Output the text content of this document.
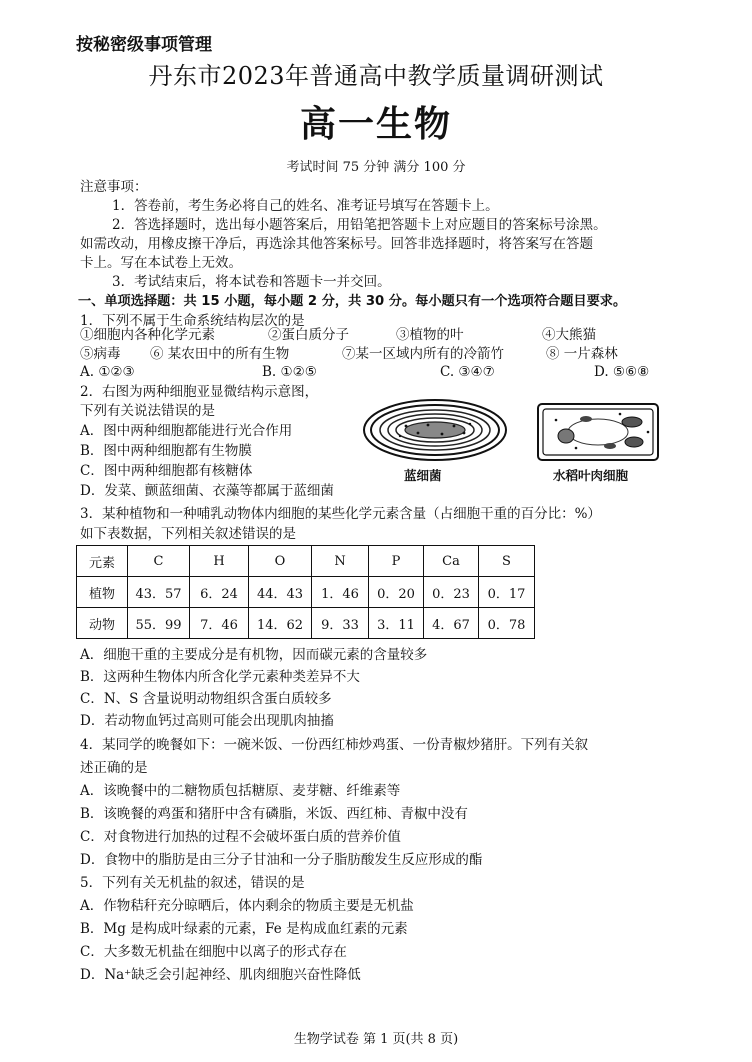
按秘密级事项管理
丹东市2023年普通高中教学质量调研测试
高一生物
考试时间 75 分钟 满分 100 分
注意事项：
1．答卷前，考生务必将自己的姓名、准考证号填写在答题卡上。
2．答选择题时，选出每小题答案后，用铅笔把答题卡上对应题目的答案标号涂黑。
如需改动，用橡皮擦干净后，再选涂其他答案标号。回答非选择题时，将答案写在答题
卡上。写在本试卷上无效。
3．考试结束后，将本试卷和答题卡一并交回。
一、单项选择题：共 15 小题，每小题 2 分，共 30 分。每小题只有一个选项符合题目要求。
1．下列不属于生命系统结构层次的是
①细胞内各种化学元素	②蛋白质分子	③植物的叶	④大熊猫
⑤病毒 ⑥ 某农田中的所有生物	⑦某一区域内所有的冷箭竹	⑧ 一片森林
A. ①②③	B. ①②⑤	C. ③④⑦	D. ⑤⑥⑧
2．右图为两种细胞亚显微结构示意图，
下列有关说法错误的是
A．图中两种细胞都能进行光合作用
B．图中两种细胞都有生物膜
C．图中两种细胞都有核糖体
D．发菜、颤蓝细菌、衣藻等都属于蓝细菌
蓝细菌	水稻叶肉细胞
3．某种植物和一种哺乳动物体内细胞的某些化学元素含量（占细胞干重的百分比：%）
如下表数据，下列相关叙述错误的是
元素	C	H	O	N	P	Ca	S
植物	43．57	6．24	44．43	1．46	0．20	0．23	0．17
动物	55．99	7．46	14．62	9．33	3．11	4．67	0．78
A．细胞干重的主要成分是有机物，因而碳元素的含量较多
B．这两种生物体内所含化学元素种类差异不大
C．N、S 含量说明动物组织含蛋白质较多
D．若动物血钙过高则可能会出现肌肉抽搐
4．某同学的晚餐如下：一碗米饭、一份西红柿炒鸡蛋、一份青椒炒猪肝。下列有关叙
述正确的是
A．该晚餐中的二糖物质包括糖原、麦芽糖、纤维素等
B．该晚餐的鸡蛋和猪肝中含有磷脂，米饭、西红柿、青椒中没有
C．对食物进行加热的过程不会破坏蛋白质的营养价值
D．食物中的脂肪是由三分子甘油和一分子脂肪酸发生反应形成的酯
5．下列有关无机盐的叙述，错误的是
A．作物秸秆充分晾晒后，体内剩余的物质主要是无机盐
B．Mg 是构成叶绿素的元素，Fe 是构成血红素的元素
C．大多数无机盐在细胞中以离子的形式存在
D．Na⁺缺乏会引起神经、肌肉细胞兴奋性降低
生物学试卷 第 1 页(共 8 页)
